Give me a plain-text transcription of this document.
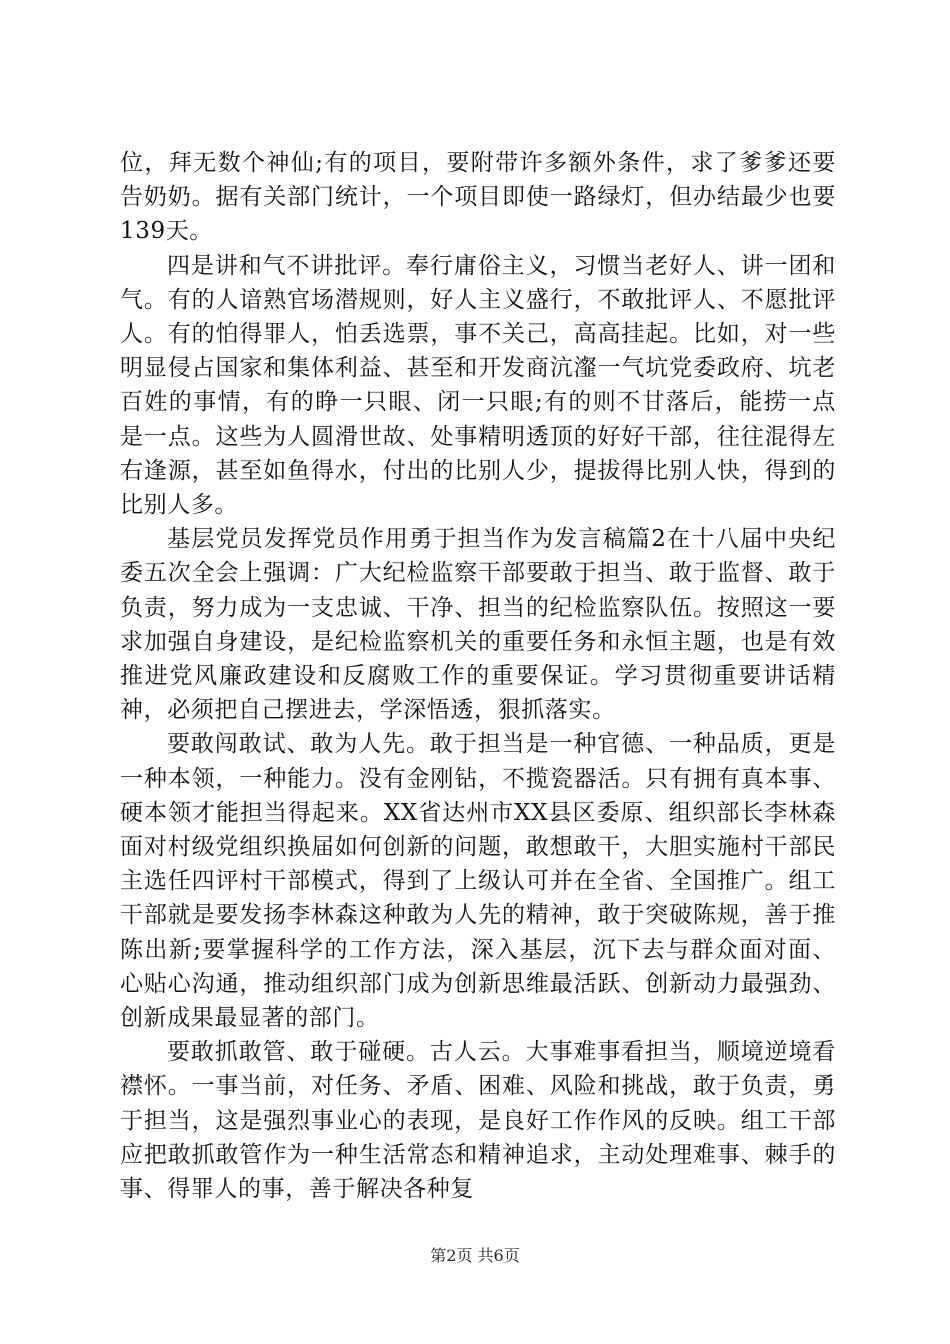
位，拜无数个神仙;有的项目，要附带许多额外条件，求了爹爹还要告奶奶。据有关部门统计，一个项目即使一路绿灯，但办结最少也要139天。

四是讲和气不讲批评。奉行庸俗主义，习惯当老好人、讲一团和气。有的人谙熟官场潜规则，好人主义盛行，不敢批评人、不愿批评人。有的怕得罪人，怕丢选票，事不关己，高高挂起。比如，对一些明显侵占国家和集体利益、甚至和开发商沆瀣一气坑党委政府、坑老百姓的事情，有的睁一只眼、闭一只眼;有的则不甘落后，能捞一点是一点。这些为人圆滑世故、处事精明透顶的好好干部，往往混得左右逢源，甚至如鱼得水，付出的比别人少，提拔得比别人快，得到的比别人多。

基层党员发挥党员作用勇于担当作为发言稿篇2在十八届中央纪委五次全会上强调：广大纪检监察干部要敢于担当、敢于监督、敢于负责，努力成为一支忠诚、干净、担当的纪检监察队伍。按照这一要求加强自身建设，是纪检监察机关的重要任务和永恒主题，也是有效推进党风廉政建设和反腐败工作的重要保证。学习贯彻重要讲话精神，必须把自己摆进去，学深悟透，狠抓落实。

要敢闯敢试、敢为人先。敢于担当是一种官德、一种品质，更是一种本领，一种能力。没有金刚钻，不揽瓷器活。只有拥有真本事、硬本领才能担当得起来。XX省达州市XX县区委原、组织部长李林森面对村级党组织换届如何创新的问题，敢想敢干，大胆实施村干部民主选任四评村干部模式，得到了上级认可并在全省、全国推广。组工干部就是要发扬李林森这种敢为人先的精神，敢于突破陈规，善于推陈出新;要掌握科学的工作方法，深入基层，沉下去与群众面对面、心贴心沟通，推动组织部门成为创新思维最活跃、创新动力最强劲、创新成果最显著的部门。

要敢抓敢管、敢于碰硬。古人云。大事难事看担当，顺境逆境看襟怀。一事当前，对任务、矛盾、困难、风险和挑战，敢于负责，勇于担当，这是强烈事业心的表现，是良好工作作风的反映。组工干部应把敢抓敢管作为一种生活常态和精神追求，主动处理难事、棘手的事、得罪人的事，善于解决各种复

第2页 共6页
